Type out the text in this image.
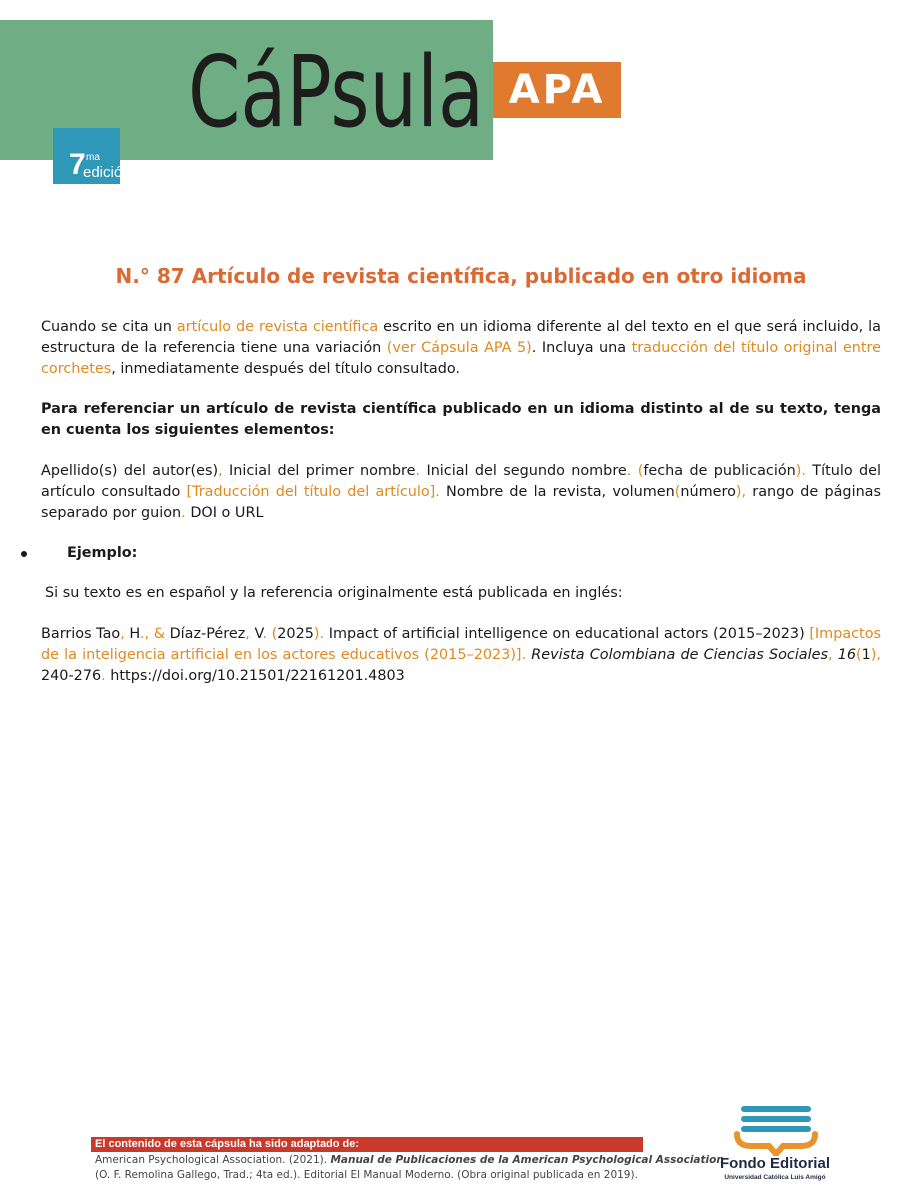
CáPsula APA
7 ma
edición
N.° 87 Artículo de revista científica, publicado en otro idioma

Cuando se cita un artículo de revista científica escrito en un idioma diferente al del texto en el que será incluido, la estructura de la referencia tiene una variación (ver Cápsula APA 5). Incluya una traducción del título original entre corchetes, inmediatamente después del título consultado.

Para referenciar un artículo de revista científica publicado en un idioma distinto al de su texto, tenga en cuenta los siguientes elementos:

Apellido(s) del autor(es), Inicial del primer nombre. Inicial del segundo nombre. (fecha de publicación). Título del artículo consultado [Traducción del título del artículo]. Nombre de la revista, volumen(número), rango de páginas separado por guion. DOI o URL

Ejemplo:

Si su texto es en español y la referencia originalmente está publicada en inglés:

Barrios Tao, H., & Díaz-Pérez, V. (2025). Impact of artificial intelligence on educational actors (2015–2023) [Impactos de la inteligencia artificial en los actores educativos (2015–2023)]. Revista Colombiana de Ciencias Sociales, 16(1), 240-276. https://doi.org/10.21501/22161201.4803

El contenido de esta cápsula ha sido adaptado de:
American Psychological Association. (2021). Manual de Publicaciones de la American Psychological Association
(O. F. Remolina Gallego, Trad.; 4ta ed.). Editorial El Manual Moderno. (Obra original publicada en 2019).
Fondo Editorial
Universidad Católica Luis Amigó
